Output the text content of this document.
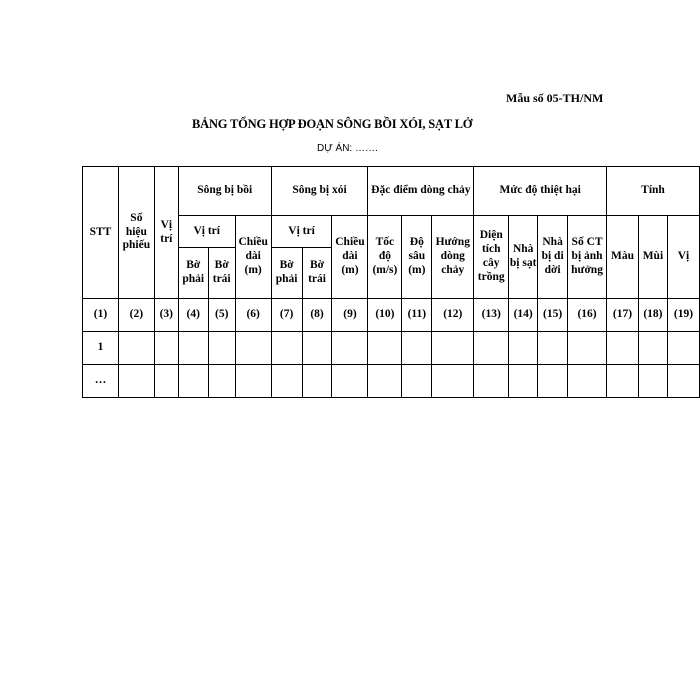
Mẫu số 05-TH/NM
BẢNG TỔNG HỢP ĐOẠN SÔNG BỒI XÓI, SẠT LỞ
DỰ ÁN: …….
STT	Số hiệu phiếu	Vị trí	Sông bị bồi			Sông bị xói			Đặc điểm dòng chảy			Mức độ thiệt hại				Tính		
			Vị trí		Chiều dài (m)	Vị trí		Chiều dài (m)	Tốc độ (m/s)	Độ sâu (m)	Hướng dòng chảy	Diện tích cây trồng	Nhà bị sạt	Nhà bị di dời	Số CT bị ảnh hưởng	Màu	Mùi	Vị
			Bờ phải	Bờ trái		Bờ phải	Bờ trái											
(1)	(2)	(3)	(4)	(5)	(6)	(7)	(8)	(9)	(10)	(11)	(12)	(13)	(14)	(15)	(16)	(17)	(18)	(19)
1																		
…																		
